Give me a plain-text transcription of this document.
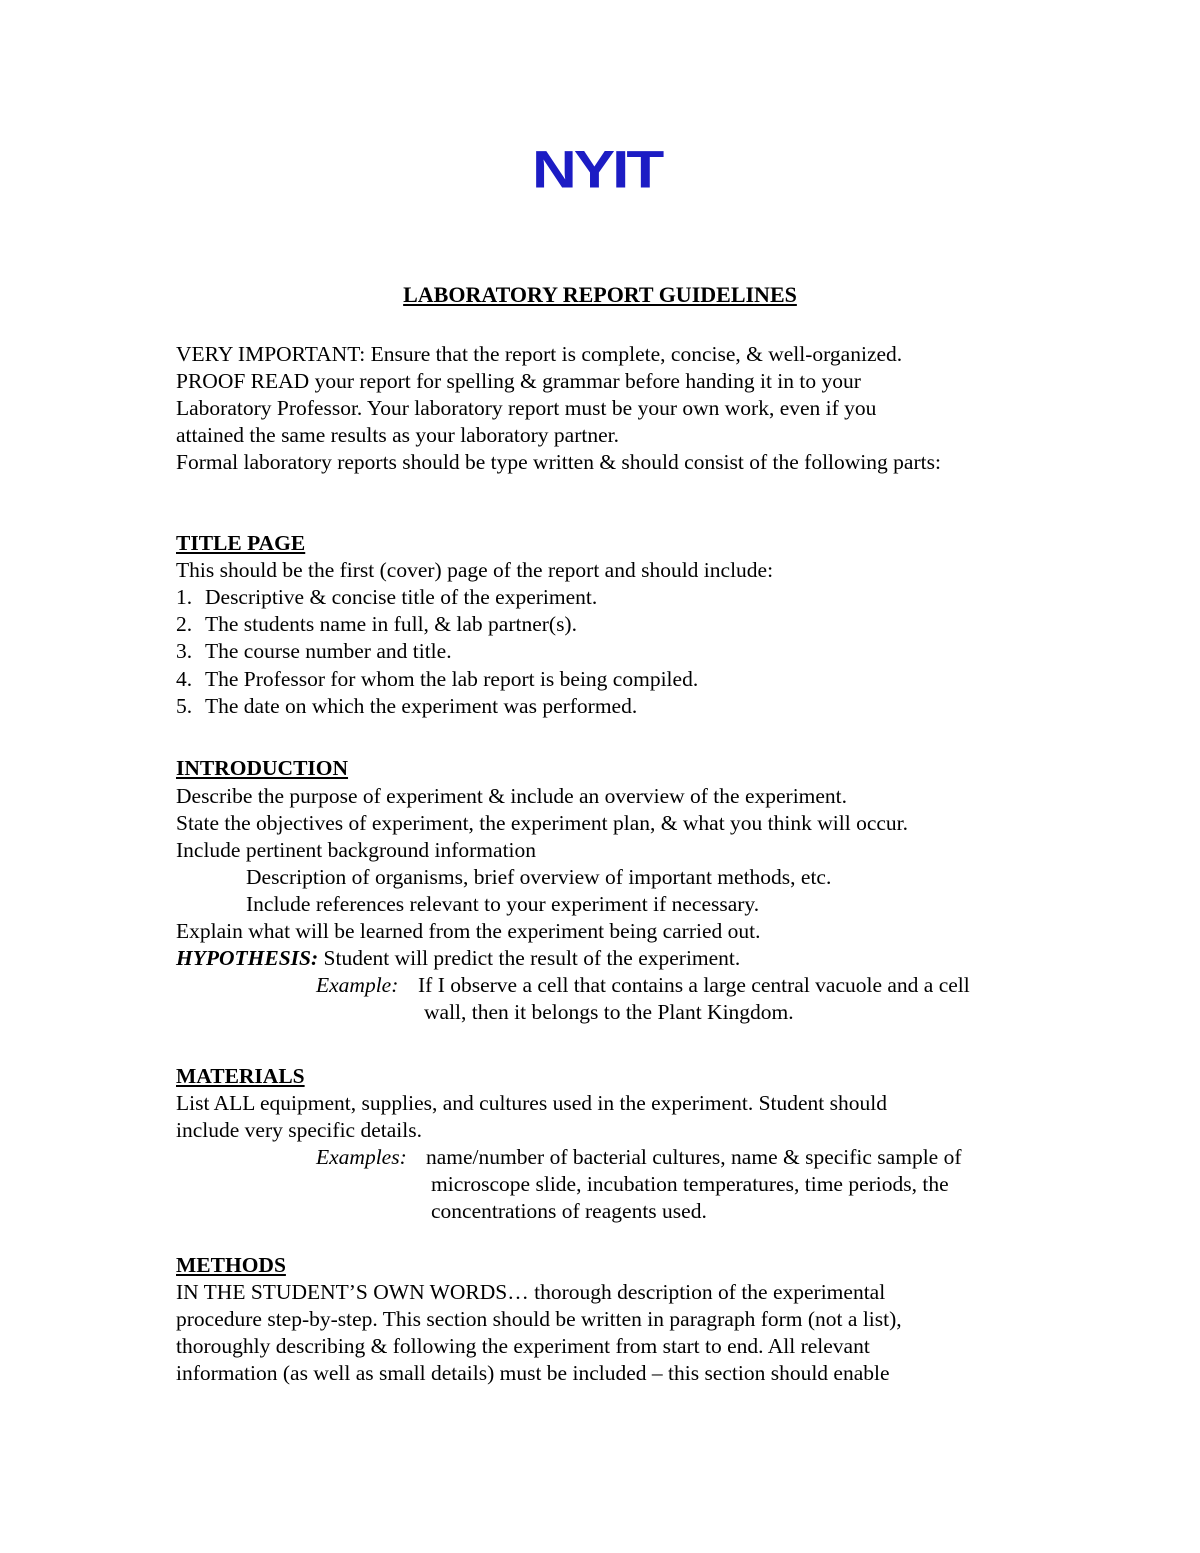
NYIT
LABORATORY REPORT GUIDELINES
VERY IMPORTANT: Ensure that the report is complete, concise, & well-organized.
PROOF READ your report for spelling & grammar before handing it in to your
Laboratory Professor. Your laboratory report must be your own work, even if you
attained the same results as your laboratory partner.
Formal laboratory reports should be type written & should consist of the following parts:
TITLE PAGE
This should be the first (cover) page of the report and should include:
1. Descriptive & concise title of the experiment.
2. The students name in full, & lab partner(s).
3. The course number and title.
4. The Professor for whom the lab report is being compiled.
5. The date on which the experiment was performed.
INTRODUCTION
Describe the purpose of experiment & include an overview of the experiment.
State the objectives of experiment, the experiment plan, & what you think will occur.
Include pertinent background information
Description of organisms, brief overview of important methods, etc.
Include references relevant to your experiment if necessary.
Explain what will be learned from the experiment being carried out.
HYPOTHESIS: Student will predict the result of the experiment.
Example: If I observe a cell that contains a large central vacuole and a cell
wall, then it belongs to the Plant Kingdom.
MATERIALS
List ALL equipment, supplies, and cultures used in the experiment. Student should
include very specific details.
Examples: name/number of bacterial cultures, name & specific sample of
microscope slide, incubation temperatures, time periods, the
concentrations of reagents used.
METHODS
IN THE STUDENT’S OWN WORDS… thorough description of the experimental
procedure step-by-step. This section should be written in paragraph form (not a list),
thoroughly describing & following the experiment from start to end. All relevant
information (as well as small details) must be included – this section should enable
